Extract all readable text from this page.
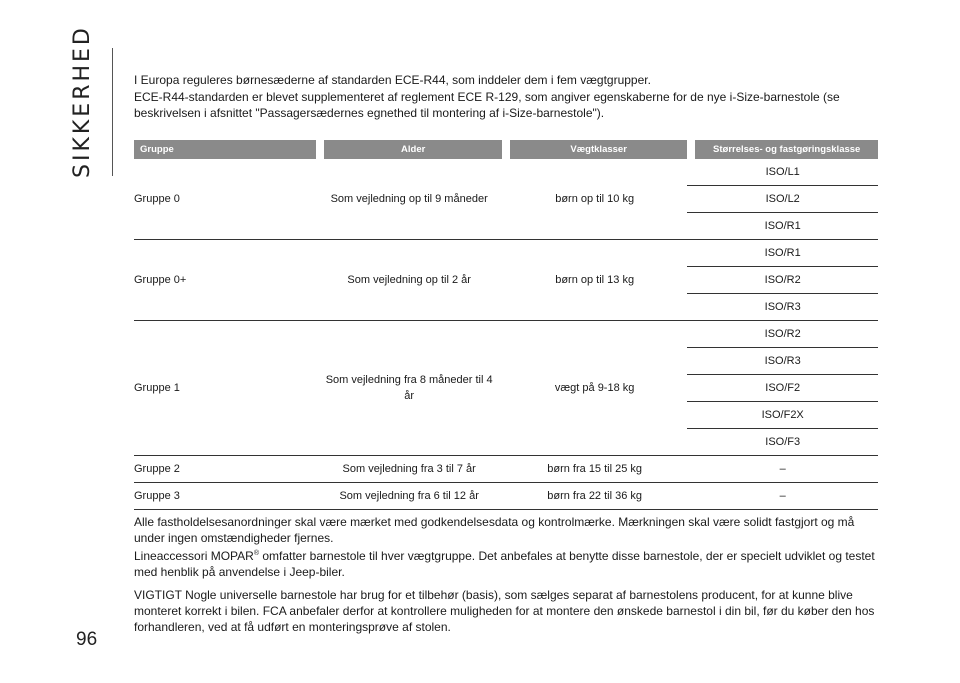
SIKKERHED	I Europa reguleres børnesæderne af standarden ECE-R44, som inddeler dem i fem vægtgrupper.

ECE-R44-standarden er blevet supplementeret af reglement ECE R-129, som angiver egenskaberne for de nye i-Size-barnestole (se beskrivelsen i afsnittet "Passagersædernes egnethed til montering af i-Size-barnestole").

Gruppe	Alder	Vægtklasser	Størrelses- og fastgøringsklasse
Gruppe 0	Som vejledning op til 9 måneder	børn op til 10 kg	ISO/L1
			ISO/L2
			ISO/R1
Gruppe 0+	Som vejledning op til 2 år	børn op til 13 kg	ISO/R1
			ISO/R2
			ISO/R3
Gruppe 1	Som vejledning fra 8 måneder til 4 år	vægt på 9-18 kg	ISO/R2
			ISO/R3
			ISO/F2
			ISO/F2X
			ISO/F3
Gruppe 2	Som vejledning fra 3 til 7 år	børn fra 15 til 25 kg	–
Gruppe 3	Som vejledning fra 6 til 12 år	børn fra 22 til 36 kg	–

Alle fastholdelsesanordninger skal være mærket med godkendelsesdata og kontrolmærke. Mærkningen skal være solidt fastgjort og må under ingen omstændigheder fjernes.

Lineaccessori MOPAR® omfatter barnestole til hver vægtgruppe. Det anbefales at benytte disse barnestole, der er specielt udviklet og testet med henblik på anvendelse i Jeep-biler.

VIGTIGT Nogle universelle barnestole har brug for et tilbehør (basis), som sælges separat af barnestolens producent, for at kunne blive monteret korrekt i bilen. FCA anbefaler derfor at kontrollere muligheden for at montere den ønskede barnestol i din bil, før du køber den hos forhandleren, ved at få udført en monteringsprøve af stolen.

96
